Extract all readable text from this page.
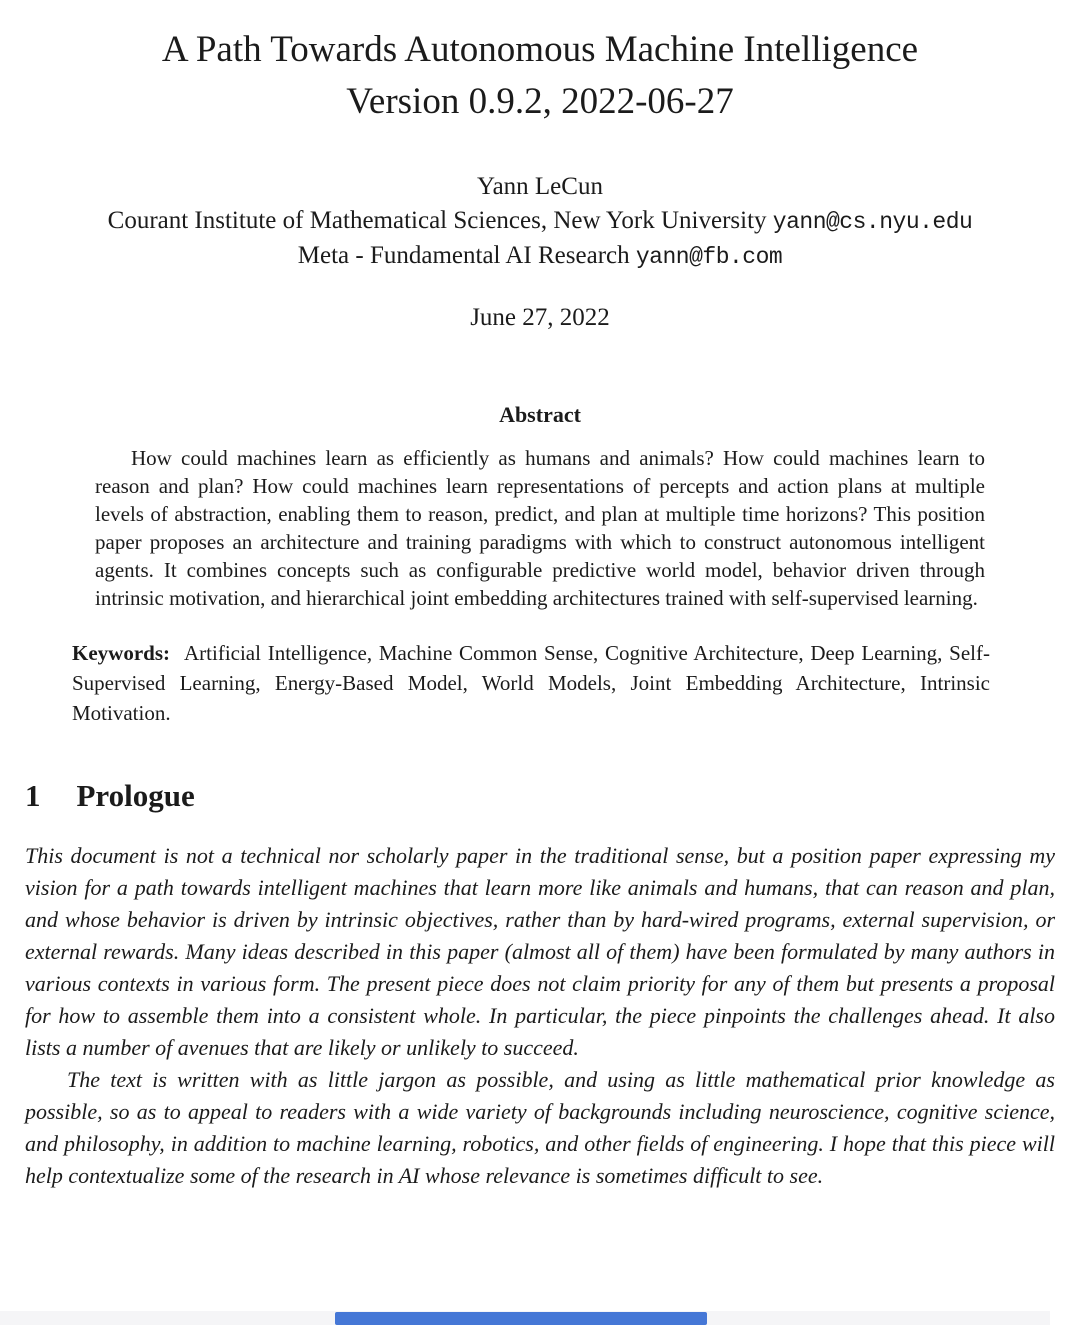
A Path Towards Autonomous Machine Intelligence
Version 0.9.2, 2022-06-27
Yann LeCun
Courant Institute of Mathematical Sciences, New York University yann@cs.nyu.edu
Meta - Fundamental AI Research yann@fb.com
June 27, 2022
Abstract

How could machines learn as efficiently as humans and animals? How could machines learn to reason and plan? How could machines learn representations of percepts and action plans at multiple levels of abstraction, enabling them to reason, predict, and plan at multiple time horizons? This position paper proposes an architecture and training paradigms with which to construct autonomous intelligent agents. It combines concepts such as configurable predictive world model, behavior driven through intrinsic motivation, and hierarchical joint embedding architectures trained with self-supervised learning.

Keywords: Artificial Intelligence, Machine Common Sense, Cognitive Architecture, Deep Learning, Self-Supervised Learning, Energy-Based Model, World Models, Joint Embedding Architecture, Intrinsic Motivation.

1 Prologue

This document is not a technical nor scholarly paper in the traditional sense, but a position paper expressing my vision for a path towards intelligent machines that learn more like animals and humans, that can reason and plan, and whose behavior is driven by intrinsic objectives, rather than by hard-wired programs, external supervision, or external rewards. Many ideas described in this paper (almost all of them) have been formulated by many authors in various contexts in various form. The present piece does not claim priority for any of them but presents a proposal for how to assemble them into a consistent whole. In particular, the piece pinpoints the challenges ahead. It also lists a number of avenues that are likely or unlikely to succeed.

The text is written with as little jargon as possible, and using as little mathematical prior knowledge as possible, so as to appeal to readers with a wide variety of backgrounds including neuroscience, cognitive science, and philosophy, in addition to machine learning, robotics, and other fields of engineering. I hope that this piece will help contextualize some of the research in AI whose relevance is sometimes difficult to see.
